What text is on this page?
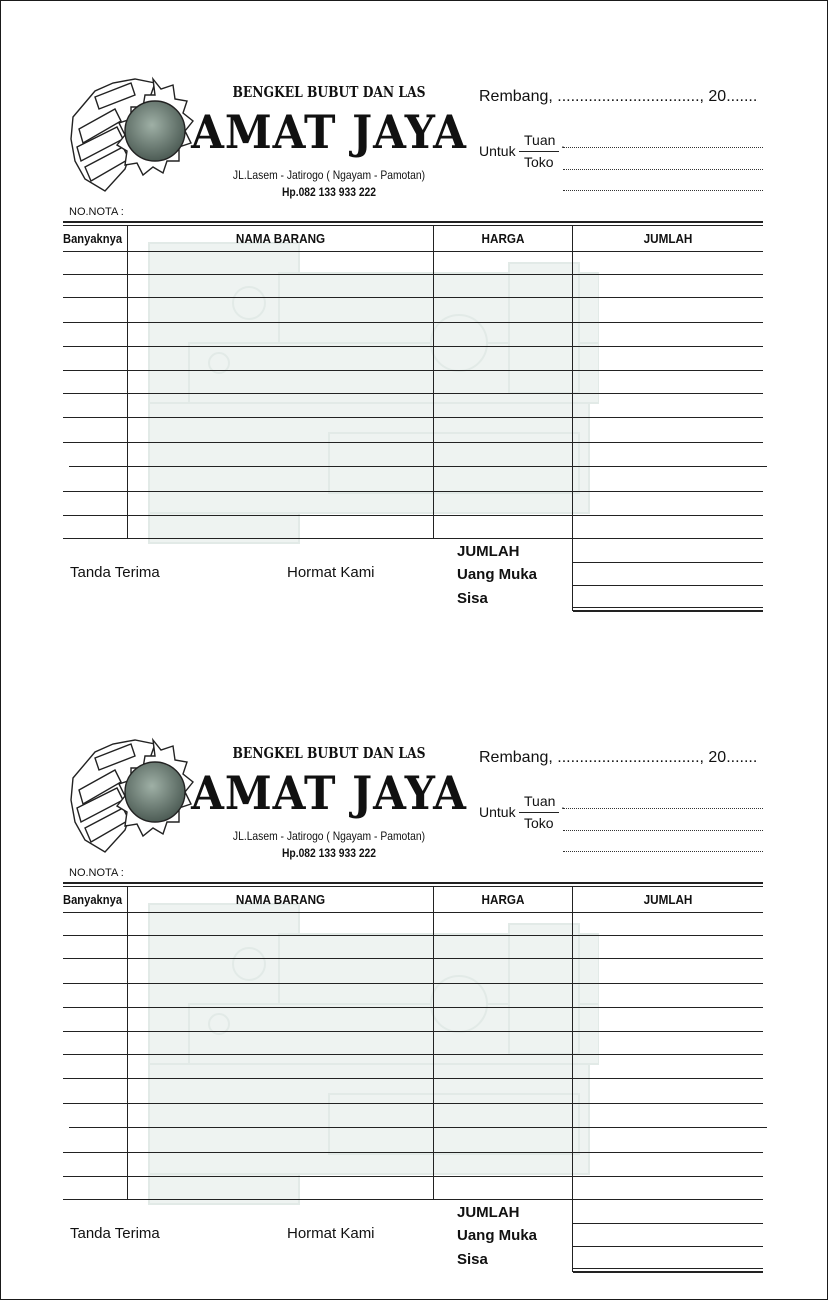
BENGKEL BUBUT DAN LAS
AMAT JAYA
JL.Lasem - Jatirogo ( Ngayam - Pamotan)
Hp.082 133 933 222
NO.NOTA :
Rembang, ................................, 20.......
Untuk
Tuan
Toko
.
Banyaknya	NAMA BARANG	HARGA	JUMLAH
JUMLAH
Uang Muka
Sisa
Tanda Terima	Hormat Kami
BENGKEL BUBUT DAN LAS
AMAT JAYA
JL.Lasem - Jatirogo ( Ngayam - Pamotan)
Hp.082 133 933 222
NO.NOTA :
Rembang, ................................, 20.......
Untuk
Tuan
Toko
.
Banyaknya	NAMA BARANG	HARGA	JUMLAH
JUMLAH
Uang Muka
Sisa
Tanda Terima	Hormat Kami
